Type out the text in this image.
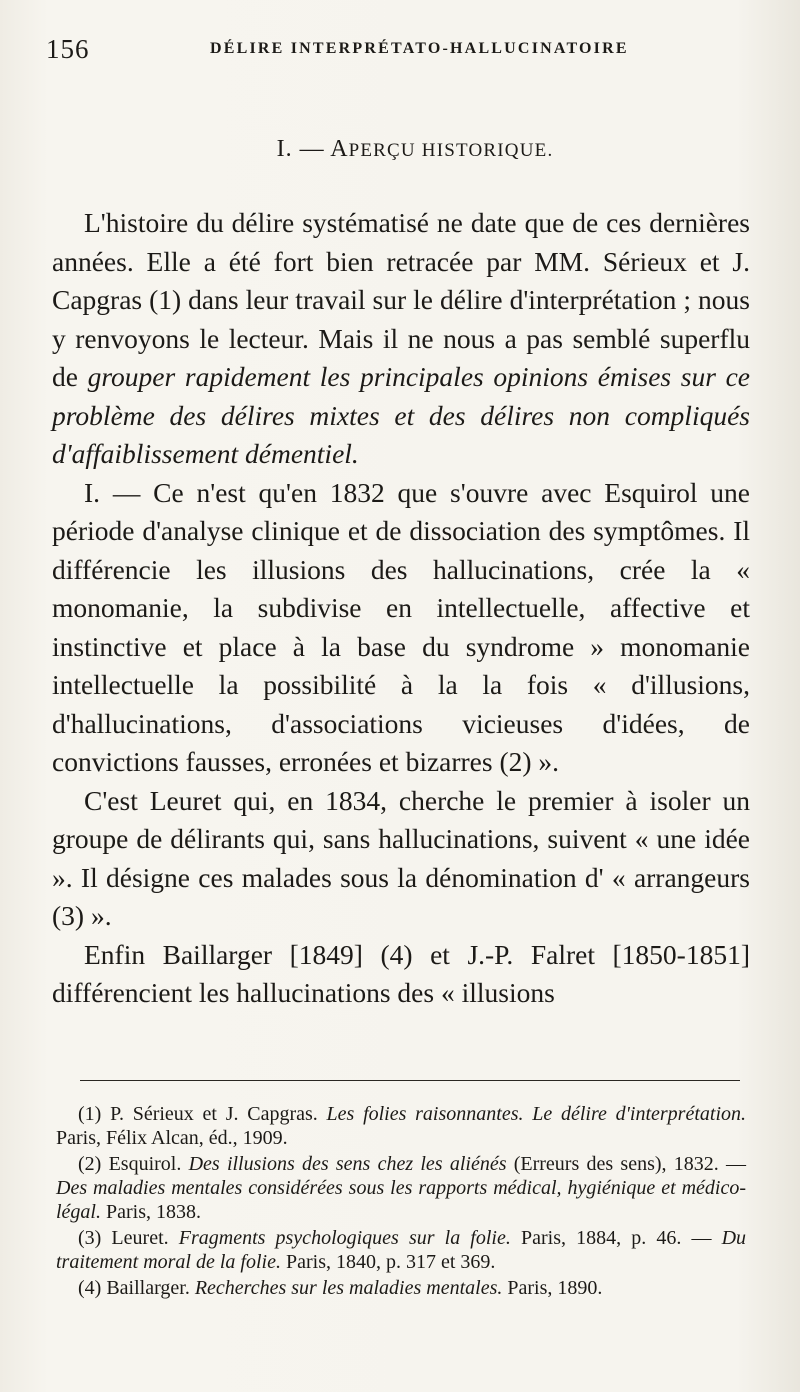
156	DÉLIRE INTERPRÉTATO-HALLUCINATOIRE
I. — APERÇU HISTORIQUE.

L'histoire du délire systématisé ne date que de ces dernières années. Elle a été fort bien retracée par MM. Sérieux et J. Capgras (1) dans leur travail sur le délire d'interprétation ; nous y renvoyons le lecteur. Mais il ne nous a pas semblé superflu de grouper rapidement les principales opinions émises sur ce problème des délires mixtes et des délires non compliqués d'affaiblissement démentiel.

I. — Ce n'est qu'en 1832 que s'ouvre avec Esquirol une période d'analyse clinique et de dissociation des symptômes. Il différencie les illusions des hallucinations, crée la « monomanie, la subdivise en intellectuelle, affective et instinctive et place à la base du syndrome » monomanie intellectuelle la possibilité à la la fois « d'illusions, d'hallucinations, d'associations vicieuses d'idées, de convictions fausses, erronées et bizarres (2) ».

C'est Leuret qui, en 1834, cherche le premier à isoler un groupe de délirants qui, sans hallucinations, suivent « une idée ». Il désigne ces malades sous la dénomination d' « arrangeurs (3) ».

Enfin Baillarger [1849] (4) et J.-P. Falret [1850-1851] différencient les hallucinations des « illusions

(1) P. Sérieux et J. Capgras. Les folies raisonnantes. Le délire d'interprétation. Paris, Félix Alcan, éd., 1909.

(2) Esquirol. Des illusions des sens chez les aliénés (Erreurs des sens), 1832. — Des maladies mentales considérées sous les rapports médical, hygiénique et médico-légal. Paris, 1838.

(3) Leuret. Fragments psychologiques sur la folie. Paris, 1884, p. 46. — Du traitement moral de la folie. Paris, 1840, p. 317 et 369.

(4) Baillarger. Recherches sur les maladies mentales. Paris, 1890.
